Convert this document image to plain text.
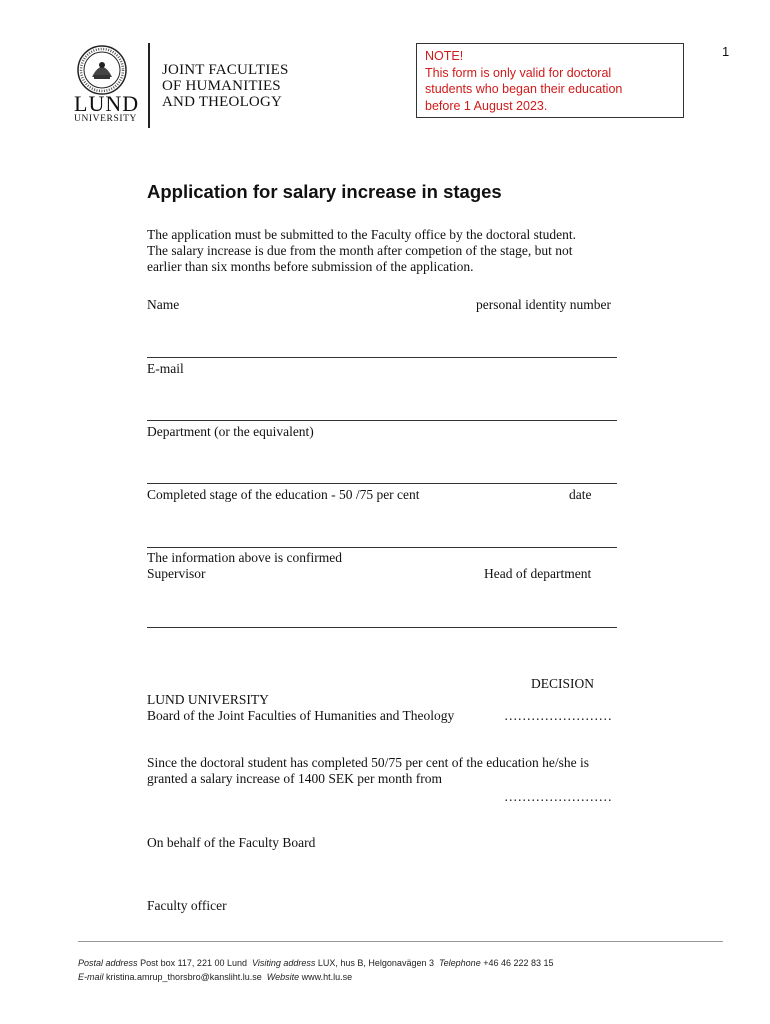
LUND
UNIVERSITY
JOINT FACULTIES
OF HUMANITIES
AND THEOLOGY
NOTE!
This form is only valid for doctoral
students who began their education
before 1 August 2023.
1
Application for salary increase in stages
The application must be submitted to the Faculty office by the doctoral student.
The salary increase is due from the month after competion of the stage, but not
earlier than six months before submission of the application.
Name	personal identity number
E-mail
Department (or the equivalent)
Completed stage of the education - 50 /75 per cent	date
The information above is confirmed
Supervisor	Head of department
DECISION
LUND UNIVERSITY
Board of the Joint Faculties of Humanities and Theology	……………………
Since the doctoral student has completed 50/75 per cent of the education he/she is
granted a salary increase of 1400 SEK per month from
……………………
On behalf of the Faculty Board
Faculty officer
Postal address Post box 117, 221 00 Lund Visiting address LUX, hus B, Helgonavägen 3 Telephone +46 46 222 83 15
E-mail kristina.amrup_thorsbro@kansliht.lu.se Website www.ht.lu.se
